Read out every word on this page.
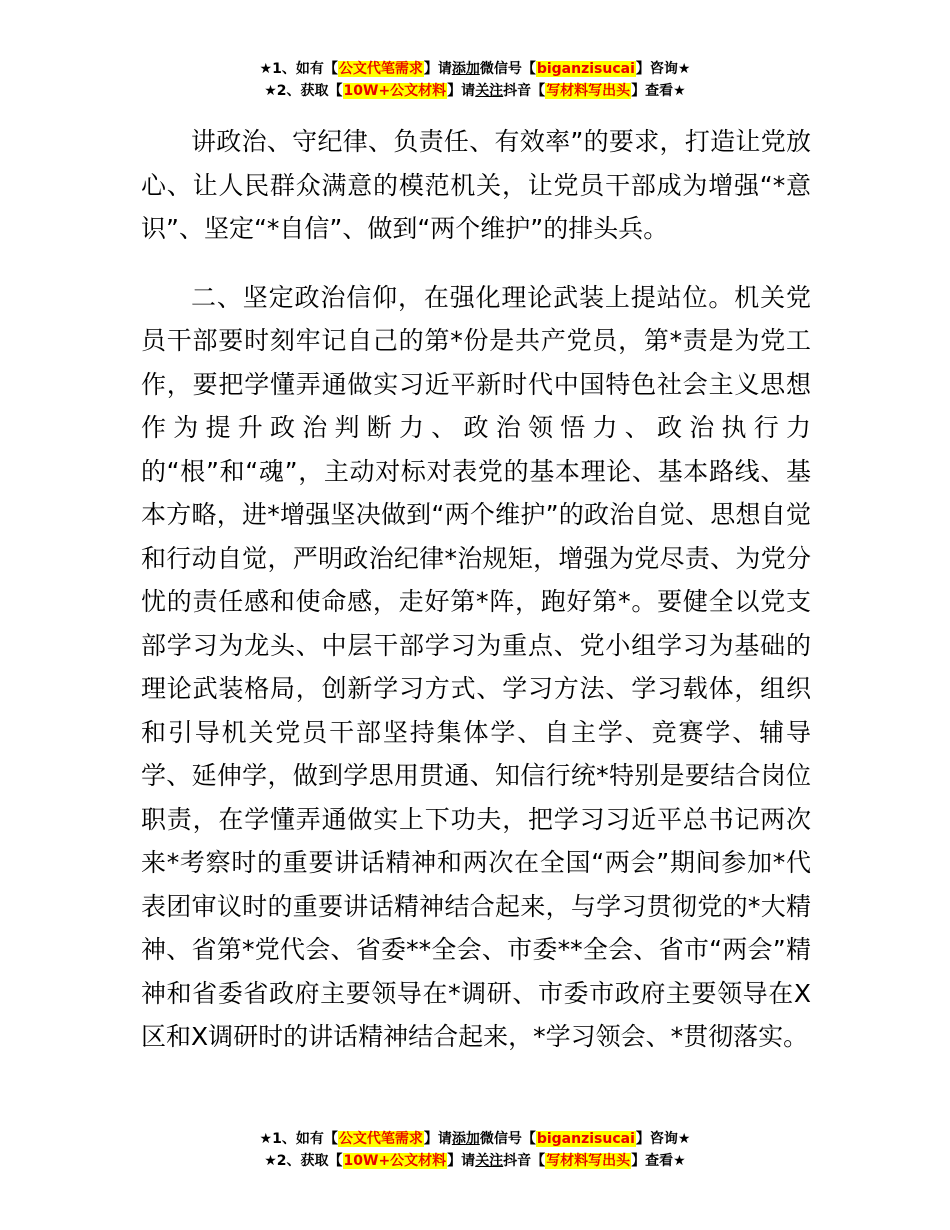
★1、如有【公文代笔需求】请添加微信号【biganzisucai】咨询★
★2、获取【10W+公文材料】请关注抖音【写材料写出头】查看★

讲政治、守纪律、负责任、有效率”的要求，打造让党放心、让人民群众满意的模范机关，让党员干部成为增强“*意识”、坚定“*自信”、做到“两个维护”的排头兵。

二、坚定政治信仰，在强化理论武装上提站位。机关党员干部要时刻牢记自己的第*份是共产党员，第*责是为党工作，要把学懂弄通做实习近平新时代中国特色社会主义思想作为提升政治判断力、政治领悟力、政治执行力的“根”和“魂”，主动对标对表党的基本理论、基本路线、基本方略，进*增强坚决做到“两个维护”的政治自觉、思想自觉和行动自觉，严明政治纪律*治规矩，增强为党尽责、为党分忧的责任感和使命感，走好第*阵，跑好第*。要健全以党支部学习为龙头、中层干部学习为重点、党小组学习为基础的理论武装格局，创新学习方式、学习方法、学习载体，组织和引导机关党员干部坚持集体学、自主学、竞赛学、辅导学、延伸学，做到学思用贯通、知信行统*特别是要结合岗位职责，在学懂弄通做实上下功夫，把学习习近平总书记两次来*考察时的重要讲话精神和两次在全国“两会”期间参加*代表团审议时的重要讲话精神结合起来，与学习贯彻党的*大精神、省第*党代会、省委**全会、市委**全会、省市“两会”精神和省委省政府主要领导在*调研、市委市政府主要领导在Ⅹ区和Ⅹ调研时的讲话精神结合起来，*学习领会、*贯彻落实。

★1、如有【公文代笔需求】请添加微信号【biganzisucai】咨询★
★2、获取【10W+公文材料】请关注抖音【写材料写出头】查看★
